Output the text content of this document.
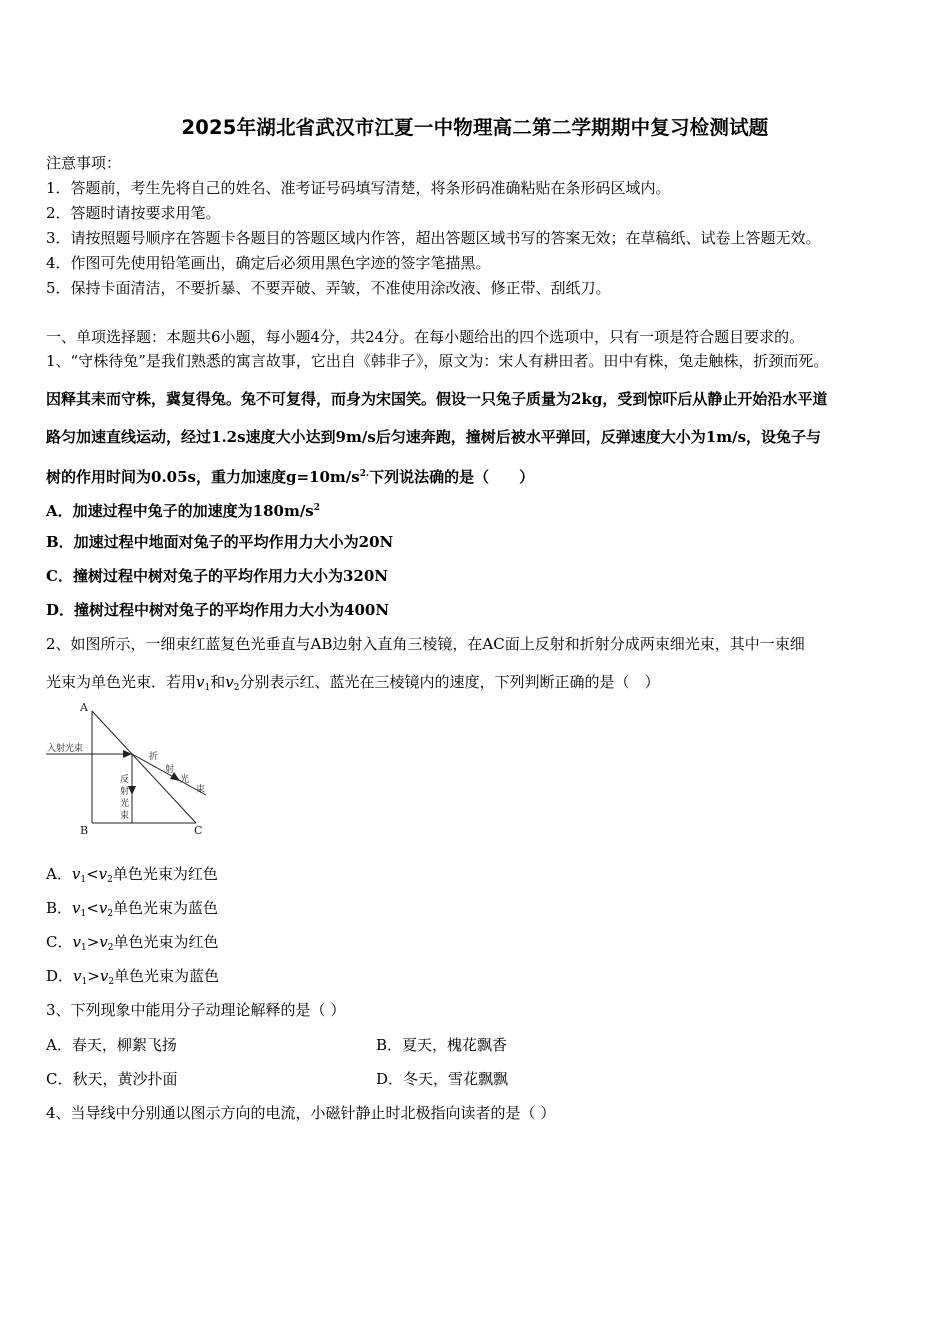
2025年湖北省武汉市江夏一中物理高二第二学期期中复习检测试题
注意事项：
1．答题前，考生先将自己的姓名、准考证号码填写清楚，将条形码准确粘贴在条形码区域内。
2．答题时请按要求用笔。
3．请按照题号顺序在答题卡各题目的答题区域内作答，超出答题区域书写的答案无效；在草稿纸、试卷上答题无效。
4．作图可先使用铅笔画出，确定后必须用黑色字迹的签字笔描黑。
5．保持卡面清洁，不要折暴、不要弄破、弄皱，不准使用涂改液、修正带、刮纸刀。
一、单项选择题：本题共6小题，每小题4分，共24分。在每小题给出的四个选项中，只有一项是符合题目要求的。
1、“守株待兔”是我们熟悉的寓言故事，它出自《韩非子》，原文为：宋人有耕田者。田中有株，兔走触株，折颈而死。
因释其耒而守株，冀复得兔。兔不可复得，而身为宋国笑。假设一只兔子质量为2kg，受到惊吓后从静止开始沿水平道
路匀加速直线运动，经过1.2s速度大小达到9m/s后匀速奔跑，撞树后被水平弹回，反弹速度大小为1m/s，设兔子与
树的作用时间为0.05s，重力加速度$g=10m/s^{2.}$下列说法确的是（　　）
A．加速过程中兔子的加速度为$180m/s^2$
B．加速过程中地面对兔子的平均作用力大小为20N
C．撞树过程中树对兔子的平均作用力大小为320N
D．撞树过程中树对兔子的平均作用力大小为400N
2、如图所示，一细束红蓝复色光垂直与AB边射入直角三棱镜，在AC面上反射和折射分成两束细光束，其中一束细
光束为单色光束．若用$v_1$和$v_2$分别表示红、蓝光在三棱镜内的速度，下列判断正确的是（　）
A
B	C
入射光束
折
射
光
束
反
射
光
束
A．$v_1<v_2$单色光束为红色
B．$v_1<v_2$单色光束为蓝色
C．$v_1>v_2$单色光束为红色
D．$v_1>v_2$单色光束为蓝色
3、下列现象中能用分子动理论解释的是（ ）
A．春天，柳絮飞扬	B．夏天，槐花飘香
C．秋天，黄沙扑面	D．冬天，雪花飘飘
4、当导线中分别通以图示方向的电流，小磁针静止时北极指向读者的是（ ）
